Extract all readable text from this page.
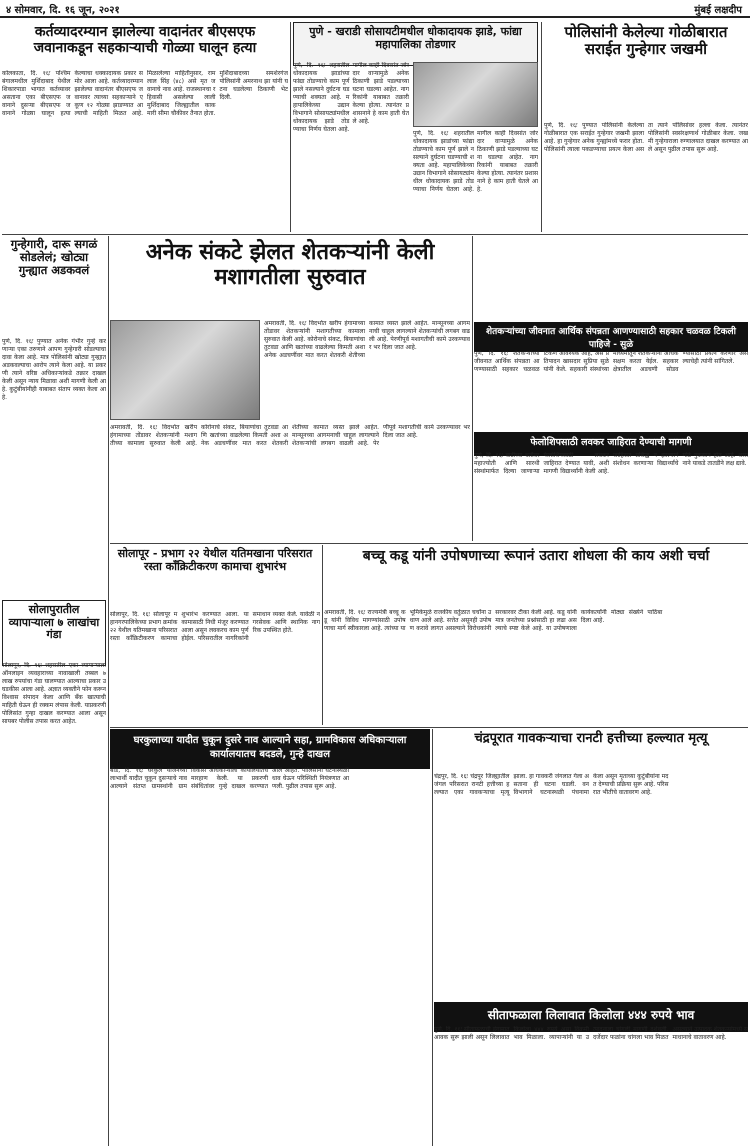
४ सोमवार, दि. १६ जून, २०२१	मुंबई लक्षदीप
कर्तव्यादरम्यान झालेल्या वादानंतर बीएसएफ जवानाकडून सहकाऱ्याची गोळ्या घालून हत्या
कोलकाता, दि. १६ः पश्चिम बंगालमधील मुर्शिदाबाद येथील शिकारपाडा भागात कर्तव्यावर असताना एका बीएसएफ जवानाने दुसऱ्या बीएसएफ जवानाने गोळ्या घालून हत्या केल्याचा धक्कादायक प्रकार समोर आला आहे. कर्तव्यादरम्यान झालेल्या वादानंतर बीएसएफ जवानावर त्याच्या सहकाऱ्याने एकूण १२ गोळ्या झाडण्यात आल्याची माहिती मिळत आहे. मिळालेल्या माहितीनुसार, राम लाल सिंह (४८) असे मृत जवानाचे नाव आहे. राजस्थानचा रहिवासी असलेल्या लाली मुर्शिदाबाद जिल्ह्यातील काकमारी सीमा चौकीवर तैनात होता. मुर्शिदाबादच्या समशेरगंज पोलिसांनी अमरनाथ झा यांनी घटना घडलेल्या ठिकाणी भेट दिली.
पुणे - खराडी सोसायटीमधील धोकादायक झाडे, फांद्या महापालिका तोडणार
पुणे, दि. १६ः शहरातील धोकादायक झाडांच्या फांद्या तोडण्याचे काम पूर्ण झाले नसल्याने दुर्घटना घडण्याची शक्यता आहे. महापालिकेच्या उद्यान विभागाने सोसायट्यांमधील धोकादायक झाडे तोडण्याचा निर्णय घेतला आहे. मागील काही दिवसांत जोरदार वाऱ्यामुळे अनेक ठिकाणी झाडे पडल्याच्या घटना घडल्या आहेत. नागरिकांनी याबाबत तक्रारी केल्या होत्या. त्यानंतर प्रशासनाने हे काम हाती घेतले आहे.
पुणे, दि. १६ः शहरातील धोकादायक झाडांच्या फांद्या तोडण्याचे काम पूर्ण झाले नसल्याने दुर्घटना घडण्याची शक्यता आहे. महापालिकेच्या उद्यान विभागाने सोसायट्यांमधील धोकादायक झाडे तोडण्याचा निर्णय घेतला आहे. मागील काही दिवसांत जोरदार वाऱ्यामुळे अनेक ठिकाणी झाडे पडल्याच्या घटना घडल्या आहेत. नागरिकांनी याबाबत तक्रारी केल्या होत्या. त्यानंतर प्रशासनाने हे काम हाती घेतले आहे.
पोलिसांनी केलेल्या गोळीबारात सराईत गुन्हेगार जखमी
पुणे, दि. १६ः पुण्यात पोलिसांनी केलेल्या गोळीबारात एक सराईत गुन्हेगार जखमी झाला आहे. हा गुन्हेगार अनेक गुन्ह्यांमध्ये फरार होता. पोलिसांनी त्याला पकडण्याचा प्रयत्न केला असता त्याने पोलिसांवर हल्ला केला. त्यानंतर पोलिसांनी स्वसंरक्षणार्थ गोळीबार केला. जखमी गुन्हेगाराला रुग्णालयात दाखल करण्यात आले असून पुढील तपास सुरू आहे.
गुन्हेगारी, दारू सगळं सोडलेलं; खोट्या गुन्ह्यात अडकवलं
पुणे, दि. १६ः पुण्यात अनेक गंभीर गुन्हे करणाऱ्या एका तरुणाने आपण गुन्हेगारी सोडल्याचा दावा केला आहे. मात्र पोलिसांनी खोट्या गुन्ह्यात अडकवल्याचा आरोप त्याने केला आहे. या प्रकरणी त्याने वरिष्ठ अधिकाऱ्यांकडे तक्रार दाखल केली असून न्याय मिळावा अशी मागणी केली आहे. कुटुंबीयांनीही याबाबत संताप व्यक्त केला आहे.
अनेक संकटे झेलत शेतकऱ्यांनी केली मशागतीला सुरुवात
अमरावती, दि. १६ः विदर्भात खरीप हंगामाच्या तोंडावर शेतकऱ्यांनी मशागतीच्या कामाला सुरुवात केली आहे. कोरोनाचे संकट, बियाणांचा तुटवडा आणि खतांच्या वाढलेल्या किमती अशा अनेक अडचणींवर मात करत शेतकरी शेतीच्या कामात व्यस्त झाले आहेत. मान्सूनच्या आगमनाची चाहूल लागल्याने शेतकऱ्यांची लगबग वाढली आहे. पेरणीपूर्व मशागतीची कामे उरकण्यावर भर दिला जात आहे.
अमरावती, दि. १६ः विदर्भात खरीप हंगामाच्या तोंडावर शेतकऱ्यांनी मशागतीच्या कामाला सुरुवात केली आहे. कोरोनाचे संकट, बियाणांचा तुटवडा आणि खतांच्या वाढलेल्या किमती अशा अनेक अडचणींवर मात करत शेतकरी शेतीच्या कामात व्यस्त झाले आहेत. मान्सूनच्या आगमनाची चाहूल लागल्याने शेतकऱ्यांची लगबग वाढली आहे. पेरणीपूर्व मशागतीची कामे उरकण्यावर भर दिला जात आहे.
शेतकऱ्यांच्या जीवनात आर्थिक संपन्नता आणण्यासाठी सहकार चळवळ टिकली पाहिजे - सुळे
पुणे, दि. १६ः शेतकऱ्यांच्या जीवनात आर्थिक संपन्नता आणण्यासाठी सहकार चळवळ टिकणे आवश्यक आहे, असे प्रतिपादन खासदार सुप्रिया सुळे यांनी केले. सहकारी संस्थांच्या माध्यमातून शेतकऱ्यांना अधिक सक्षम करता येईल. सहकार क्षेत्रातील अडचणी सोडवण्यासाठी प्रयत्न करणार असल्याचेही त्यांनी सांगितले.
फेलोशिपसाठी लवकर जाहिरात देण्याची मागणी
पुणे, दि. १६ः बार्टीच्या धर्तीवर महाज्योती आणि सारथी संस्थांमार्फत दिल्या जाणाऱ्या फेलोशिपसाठी लवकर जाहिरात देण्यात यावी, अशी मागणी विद्यार्थ्यांनी केली आहे. जाहिरात प्रसिद्ध न झाल्याने संशोधन करणाऱ्या विद्यार्थ्यांचे मोठे नुकसान होत आहे. शासनाने याकडे तातडीने लक्ष द्यावे.
सोलापुरातील व्यापाऱ्याला ७ लाखांचा गंडा
सोलापूर, दि. १६ः शहरातील एका व्यापाऱ्याला ऑनलाइन व्यवहाराच्या नावाखाली तब्बल ७ लाख रुपयांचा गंडा घालण्यात आल्याचा प्रकार उघडकीस आला आहे. अज्ञात व्यक्तीने फोन करून विश्वास संपादन केला आणि बँक खात्याची माहिती घेऊन ही रक्कम लंपास केली. याप्रकरणी पोलिसांत गुन्हा दाखल करण्यात आला असून सायबर पोलीस तपास करत आहेत.
सोलापूर - प्रभाग २२ येथील यतिमखाना परिसरात रस्ता कॉंक्रिटीकरण कामाचा शुभारंभ
सोलापूर, दि. १६ः सोलापूर महानगरपालिकेच्या प्रभाग क्रमांक २२ येथील यतिमखाना परिसरात रस्ता कॉंक्रिटीकरण कामाचा शुभारंभ करण्यात आला. या कामासाठी निधी मंजूर करण्यात आला असून लवकरच काम पूर्ण होईल. परिसरातील नागरिकांनी समाधान व्यक्त केले. यावेळी नगरसेवक आणि स्थानिक नागरिक उपस्थित होते.
बच्चू कडू यांनी उपोषणाच्या रूपानं उतारा शोधला की काय अशी चर्चा
अमरावती, दि. १६ः राज्यमंत्री बच्चू कडू यांनी विविध मागण्यांसाठी उपोषणाचा मार्ग स्वीकारला आहे. त्यांच्या या भूमिकेमुळे राजकीय वर्तुळात चर्चांना उधाण आले आहे. सत्तेत असूनही उपोषण करावे लागत असल्याने विरोधकांनी सरकारवर टीका केली आहे. कडू यांनी मात्र जनतेच्या प्रश्नांसाठी हा लढा असल्याचे स्पष्ट केले आहे. या उपोषणाला कार्यकर्त्यांनी मोठ्या संख्येने पाठिंबा दिला आहे.
घरकुलाच्या यादीत चुकून दुसरे नाव आल्याने सहा, ग्रामविकास अधिकाऱ्याला कार्यालयातच बदडले, गुन्हे दाखल
बीड, दि. १६ः घरकुल योजनेच्या लाभार्थी यादीत चुकून दुसऱ्याचे नाव आल्याने संतप्त ग्रामस्थांनी ग्रामविकास अधिकाऱ्याला कार्यालयातच मारहाण केली. या प्रकरणी संबंधितांवर गुन्हे दाखल करण्यात आले आहेत. पोलिसांनी घटनास्थळी धाव घेऊन परिस्थिती नियंत्रणात आणली. पुढील तपास सुरू आहे.
चंद्रपूरात गावकऱ्याचा रानटी हत्तीच्या हल्ल्यात मृत्यू
चंद्रपूर, दि. १६ः चंद्रपूर जिल्ह्यातील जंगल परिसरात रानटी हत्तीच्या हल्ल्यात एका गावकऱ्याचा मृत्यू झाला. हा गावकरी जंगलात गेला असताना ही घटना घडली. वनविभागाने घटनास्थळी पंचनामा केला असून मृताच्या कुटुंबीयांना मदत देण्याची प्रक्रिया सुरू आहे. परिसरात भीतीचे वातावरण आहे.
सीताफळाला लिलावात किलोला ४४४ रुपये भाव
पुणे, दि. १६ः सीताफळाची हंगामात आवक सुरू झाली असून लिलावात किलोला ४४४ रुपये असा विक्रमी भाव मिळाला. व्यापाऱ्यांनी या उत्पादनाला चांगली मागणी दर्शवली. दर्जेदार फळांना चांगला भाव मिळत असल्याने उत्पादक शेतकऱ्यांमध्ये समाधानाचे वातावरण आहे.
